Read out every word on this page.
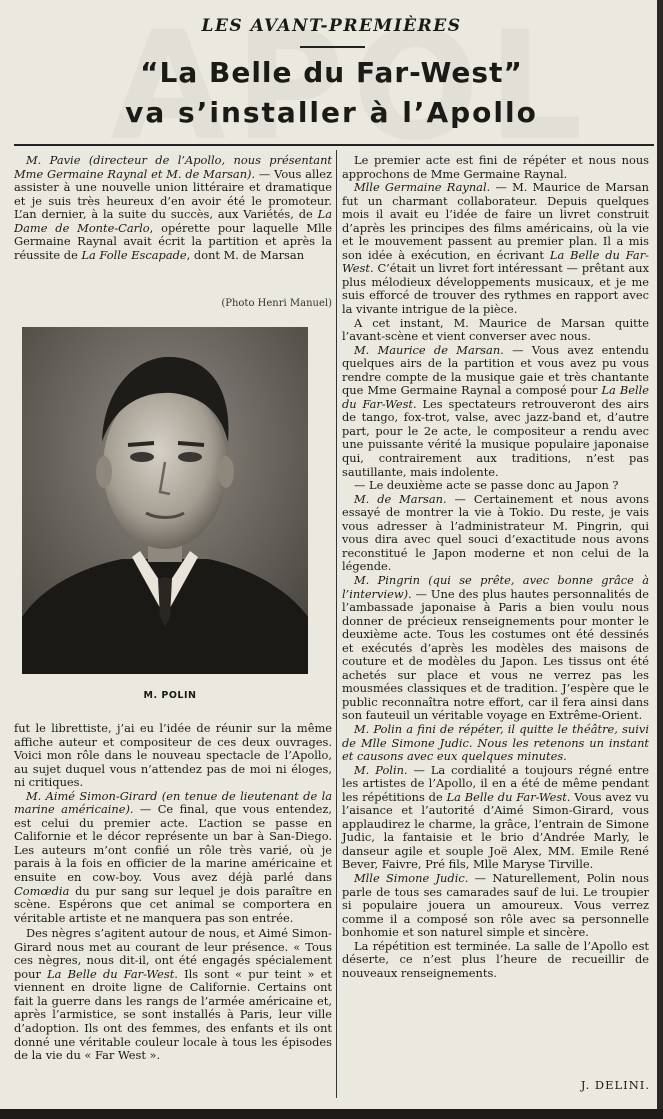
LES AVANT-PREMIÈRES
“La Belle du Far-West”
va s’installer à l’Apollo

M. Pavie (directeur de l’Apollo, nous présentant Mme Germaine Raynal et M. de Marsan). — Vous allez assister à une nouvelle union littéraire et dramatique et je suis très heureux d’en avoir été le promoteur. L’an dernier, à la suite du succès, aux Variétés, de La Dame de Monte-Carlo, opérette pour laquelle Mlle Germaine Raynal avait écrit la partition et après la réussite de La Folle Escapade, dont M. de Marsan

(Photo Henri Manuel)
M. POLIN

fut le librettiste, j’ai eu l’idée de réunir sur la même affiche auteur et compositeur de ces deux ouvrages. Voici mon rôle dans le nouveau spectacle de l’Apollo, au sujet duquel vous n’attendez pas de moi ni éloges, ni critiques.

M. Aimé Simon-Girard (en tenue de lieutenant de la marine américaine). — Ce final, que vous entendez, est celui du premier acte. L’action se passe en Californie et le décor représente un bar à San-Diego. Les auteurs m’ont confié un rôle très varié, où je parais à la fois en officier de la marine américaine et ensuite en cow-boy. Vous avez déjà parlé dans Comœdia du pur sang sur lequel je dois paraître en scène. Espérons que cet animal se comportera en véritable artiste et ne manquera pas son entrée.

Des nègres s’agitent autour de nous, et Aimé Simon-Girard nous met au courant de leur présence. « Tous ces nègres, nous dit-il, ont été engagés spécialement pour La Belle du Far-West. Ils sont « pur teint » et viennent en droite ligne de Californie. Certains ont fait la guerre dans les rangs de l’armée américaine et, après l’armistice, se sont installés à Paris, leur ville d’adoption. Ils ont des femmes, des enfants et ils ont donné une véritable couleur locale à tous les épisodes de la vie du « Far West ».

Le premier acte est fini de répéter et nous nous approchons de Mme Germaine Raynal.

Mlle Germaine Raynal. — M. Maurice de Marsan fut un charmant collaborateur. Depuis quelques mois il avait eu l’idée de faire un livret construit d’après les principes des films américains, où la vie et le mouvement passent au premier plan. Il a mis son idée à exécution, en écrivant La Belle du Far-West. C’était un livret fort intéressant — prêtant aux plus mélodieux développements musicaux, et je me suis efforcé de trouver des rythmes en rapport avec la vivante intrigue de la pièce.

A cet instant, M. Maurice de Marsan quitte l’avant-scène et vient converser avec nous.

M. Maurice de Marsan. — Vous avez entendu quelques airs de la partition et vous avez pu vous rendre compte de la musique gaie et très chantante que Mme Germaine Raynal a composé pour La Belle du Far-West. Les spectateurs retrouveront des airs de tango, fox-trot, valse, avec jazz-band et, d’autre part, pour le 2e acte, le compositeur a rendu avec une puissante vérité la musique populaire japonaise qui, contrairement aux traditions, n’est pas sautillante, mais indolente.

— Le deuxième acte se passe donc au Japon ?

M. de Marsan. — Certainement et nous avons essayé de montrer la vie à Tokio. Du reste, je vais vous adresser à l’administrateur M. Pingrin, qui vous dira avec quel souci d’exactitude nous avons reconstitué le Japon moderne et non celui de la légende.

M. Pingrin (qui se prête, avec bonne grâce à l’interview). — Une des plus hautes personnalités de l’ambassade japonaise à Paris a bien voulu nous donner de précieux renseignements pour monter le deuxième acte. Tous les costumes ont été dessinés et exécutés d’après les modèles des maisons de couture et de modèles du Japon. Les tissus ont été achetés sur place et vous ne verrez pas les mousmées classiques et de tradition. J’espère que le public reconnaîtra notre effort, car il fera ainsi dans son fauteuil un véritable voyage en Extrême-Orient.

M. Polin a fini de répéter, il quitte le théâtre, suivi de Mlle Simone Judic. Nous les retenons un instant et causons avec eux quelques minutes.

M. Polin. — La cordialité a toujours régné entre les artistes de l’Apollo, il en a été de même pendant les répétitions de La Belle du Far-West. Vous avez vu l’aisance et l’autorité d’Aimé Simon-Girard, vous applaudirez le charme, la grâce, l’entrain de Simone Judic, la fantaisie et le brio d’Andrée Marly, le danseur agile et souple Joë Alex, MM. Emile René Bever, Faivre, Pré fils, Mlle Maryse Tirville.

Mlle Simone Judic. — Naturellement, Polin nous parle de tous ses camarades sauf de lui. Le troupier si populaire jouera un amoureux. Vous verrez comme il a composé son rôle avec sa personnelle bonhomie et son naturel simple et sincère.

La répétition est terminée. La salle de l’Apollo est déserte, ce n’est plus l’heure de recueillir de nouveaux renseignements.

J. DELINI.
